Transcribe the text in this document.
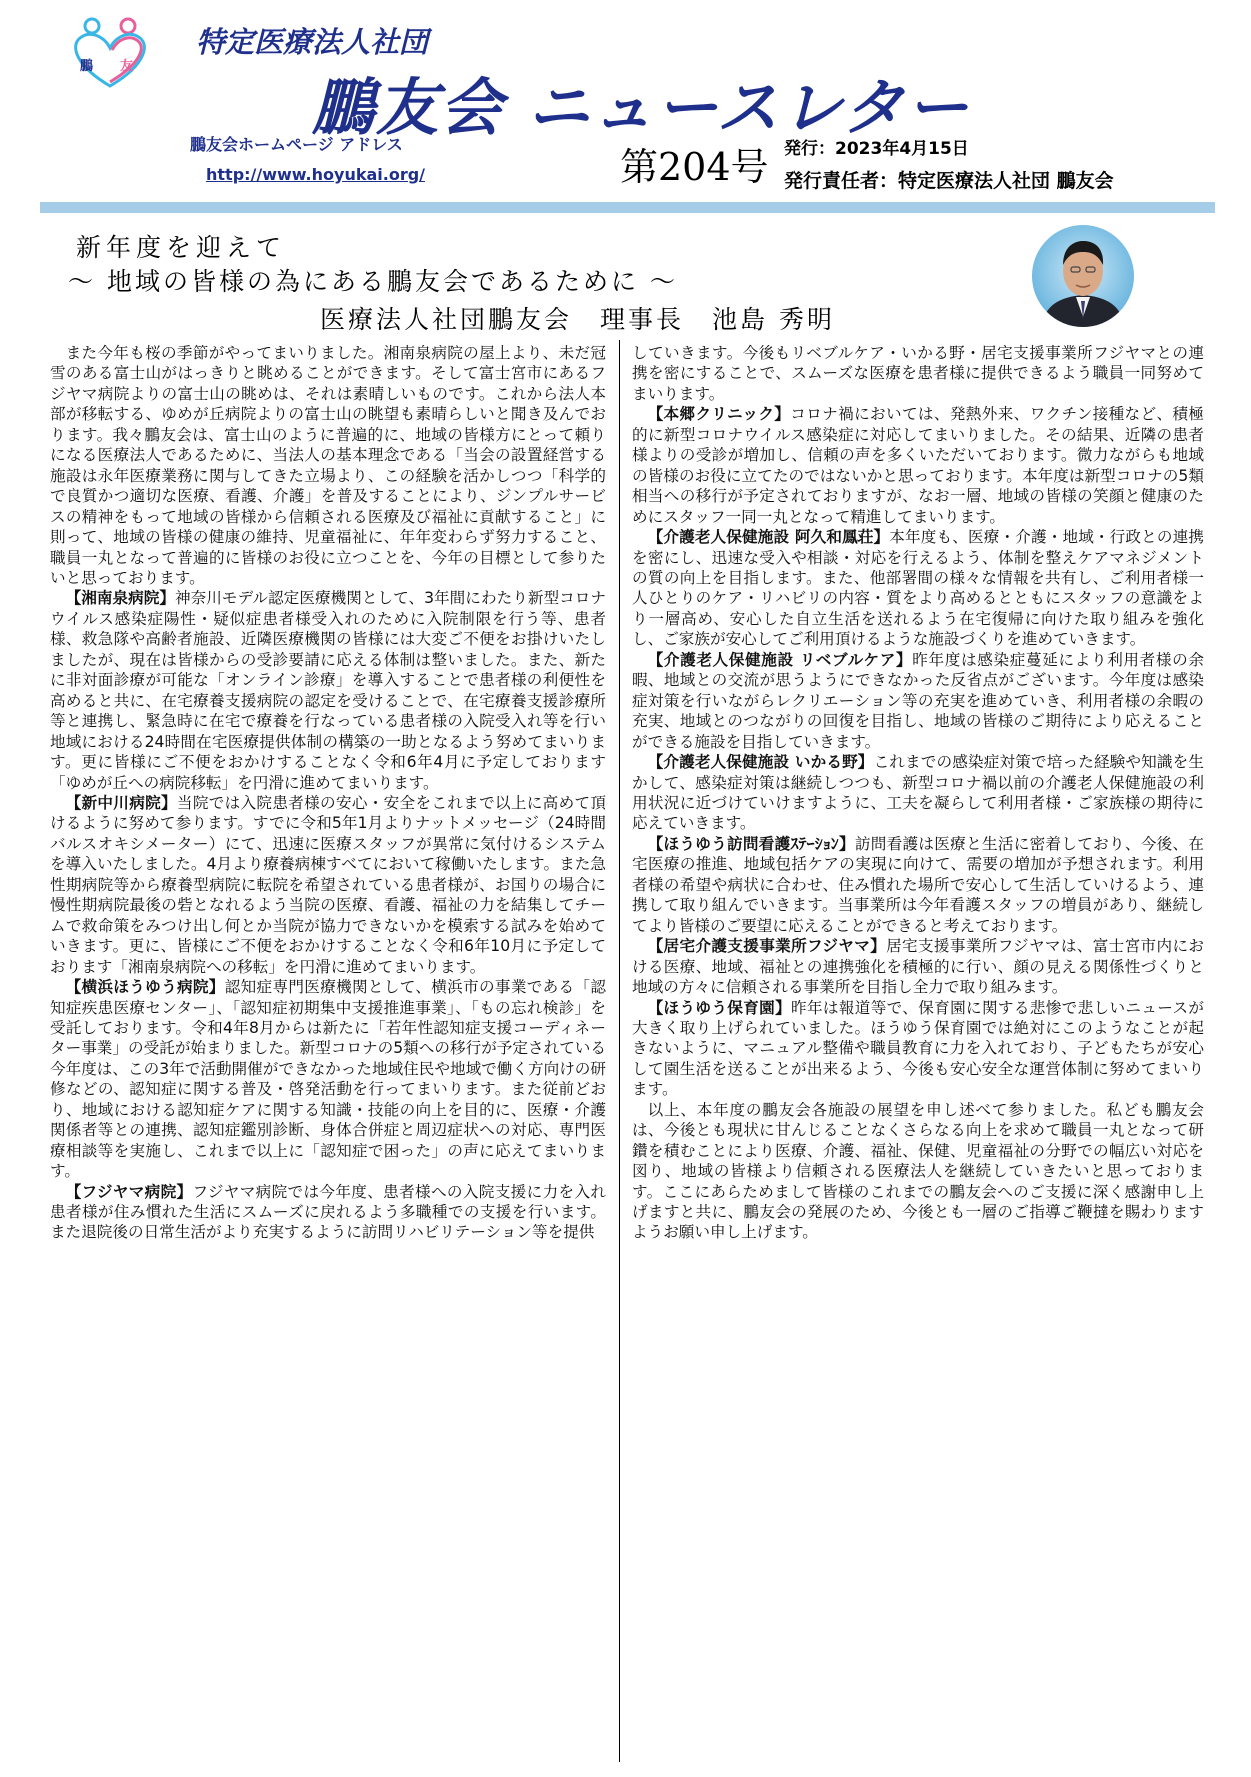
鵬 友
特定医療法人社団
鵬友会 ニュースレター
鵬友会ホームページ アドレス
http://www.hoyukai.org/	第204号 発行：2023年4月15日
発行責任者：特定医療法人社団 鵬友会
新年度を迎えて
～ 地域の皆様の為にある鵬友会であるために ～
医療法人社団鵬友会　理事長　池島 秀明

また今年も桜の季節がやってまいりました。湘南泉病院の屋上より、未だ冠雪のある富士山がはっきりと眺めることができます。そして富士宮市にあるフジヤマ病院よりの富士山の眺めは、それは素晴しいものです。これから法人本部が移転する、ゆめが丘病院よりの富士山の眺望も素晴らしいと聞き及んでおります。我々鵬友会は、富士山のように普遍的に、地域の皆様方にとって頼りになる医療法人であるために、当法人の基本理念である「当会の設置経営する施設は永年医療業務に関与してきた立場より、この経験を活かしつつ「科学的で良質かつ適切な医療、看護、介護」を普及することにより、ジンプルサービスの精神をもって地域の皆様から信頼される医療及び福祉に貢献すること」に則って、地域の皆様の健康の維持、児童福祉に、年年変わらず努力すること、職員一丸となって普遍的に皆様のお役に立つことを、今年の目標として参りたいと思っております。

【湘南泉病院】神奈川モデル認定医療機関として、3年間にわたり新型コロナウイルス感染症陽性・疑似症患者様受入れのために入院制限を行う等、患者様、救急隊や高齢者施設、近隣医療機関の皆様には大変ご不便をお掛けいたしましたが、現在は皆様からの受診要請に応える体制は整いました。また、新たに非対面診療が可能な「オンライン診療」を導入することで患者様の利便性を高めると共に、在宅療養支援病院の認定を受けることで、在宅療養支援診療所等と連携し、緊急時に在宅で療養を行なっている患者様の入院受入れ等を行い地域における24時間在宅医療提供体制の構築の一助となるよう努めてまいります。更に皆様にご不便をおかけすることなく令和6年4月に予定しております「ゆめが丘への病院移転」を円滑に進めてまいります。

【新中川病院】当院では入院患者様の安心・安全をこれまで以上に高めて頂けるように努めて参ります。すでに令和5年1月よりナットメッセージ（24時間バルスオキシメーター）にて、迅速に医療スタッフが異常に気付けるシステムを導入いたしました。4月より療養病棟すべてにおいて稼働いたします。また急性期病院等から療養型病院に転院を希望されている患者様が、お国りの場合に慢性期病院最後の砦となれるよう当院の医療、看護、福祉の力を結集してチームで救命策をみつけ出し何とか当院が協力できないかを模索する試みを始めていきます。更に、皆様にご不便をおかけすることなく令和6年10月に予定しております「湘南泉病院への移転」を円滑に進めてまいります。

【横浜ほうゆう病院】認知症専門医療機関として、横浜市の事業である「認知症疾患医療センター」、「認知症初期集中支援推進事業」、「もの忘れ検診」を受託しております。令和4年8月からは新たに「若年性認知症支援コーディネーター事業」の受託が始まりました。新型コロナの5類への移行が予定されている今年度は、この3年で活動開催ができなかった地域住民や地域で働く方向けの研修などの、認知症に関する普及・啓発活動を行ってまいります。また従前どおり、地域における認知症ケアに関する知識・技能の向上を目的に、医療・介護関係者等との連携、認知症鑑別診断、身体合併症と周辺症状への対応、専門医療相談等を実施し、これまで以上に「認知症で困った」の声に応えてまいります。

【フジヤマ病院】フジヤマ病院では今年度、患者様への入院支援に力を入れ患者様が住み慣れた生活にスムーズに戻れるよう多職種での支援を行います。また退院後の日常生活がより充実するように訪問リハビリテーション等を提供

していきます。今後もリベブルケア・いかる野・居宅支援事業所フジヤマとの連携を密にすることで、スムーズな医療を患者様に提供できるよう職員一同努めてまいります。

【本郷クリニック】コロナ禍においては、発熱外来、ワクチン接種など、積極的に新型コロナウイルス感染症に対応してまいりました。その結果、近隣の患者様よりの受診が増加し、信頼の声を多くいただいております。微力ながらも地域の皆様のお役に立てたのではないかと思っております。本年度は新型コロナの5類相当への移行が予定されておりますが、なお一層、地域の皆様の笑顔と健康のためにスタッフ一同一丸となって精進してまいります。

【介護老人保健施設 阿久和鳳荘】本年度も、医療・介護・地域・行政との連携を密にし、迅速な受入や相談・対応を行えるよう、体制を整えケアマネジメントの質の向上を目指します。また、他部署間の様々な情報を共有し、ご利用者様一人ひとりのケア・リハビリの内容・質をより高めるとともにスタッフの意識をより一層高め、安心した自立生活を送れるよう在宅復帰に向けた取り組みを強化し、ご家族が安心してご利用頂けるような施設づくりを進めていきます。

【介護老人保健施設 リベブルケア】昨年度は感染症蔓延により利用者様の余暇、地域との交流が思うようにできなかった反省点がございます。今年度は感染症対策を行いながらレクリエーション等の充実を進めていき、利用者様の余暇の充実、地域とのつながりの回復を目指し、地域の皆様のご期待により応えることができる施設を目指していきます。

【介護老人保健施設 いかる野】これまでの感染症対策で培った経験や知識を生かして、感染症対策は継続しつつも、新型コロナ禍以前の介護老人保健施設の利用状況に近づけていけますように、工夫を凝らして利用者様・ご家族様の期待に応えていきます。

【ほうゆう訪問看護ｽﾃｰｼｮﾝ】訪問看護は医療と生活に密着しており、今後、在宅医療の推進、地域包括ケアの実現に向けて、需要の増加が予想されます。利用者様の希望や病状に合わせ、住み慣れた場所で安心して生活していけるよう、連携して取り組んでいきます。当事業所は今年看護スタッフの増員があり、継続してより皆様のご要望に応えることができると考えております。

【居宅介護支援事業所フジヤマ】居宅支援事業所フジヤマは、富士宮市内における医療、地域、福祉との連携強化を積極的に行い、顔の見える関係性づくりと地域の方々に信頼される事業所を目指し全力で取り組みます。

【ほうゆう保育園】昨年は報道等で、保育園に関する悲惨で悲しいニュースが大きく取り上げられていました。ほうゆう保育園では絶対にこのようなことが起きないように、マニュアル整備や職員教育に力を入れており、子どもたちが安心して園生活を送ることが出来るよう、今後も安心安全な運営体制に努めてまいります。

以上、本年度の鵬友会各施設の展望を申し述べて参りました。私ども鵬友会は、今後とも現状に甘んじることなくさらなる向上を求めて職員一丸となって研鑽を積むことにより医療、介護、福祉、保健、児童福祉の分野での幅広い対応を図り、地域の皆様より信頼される医療法人を継続していきたいと思っております。ここにあらためまして皆様のこれまでの鵬友会へのご支援に深く感謝申し上げますと共に、鵬友会の発展のため、今後とも一層のご指導ご鞭撻を賜わりますようお願い申し上げます。
